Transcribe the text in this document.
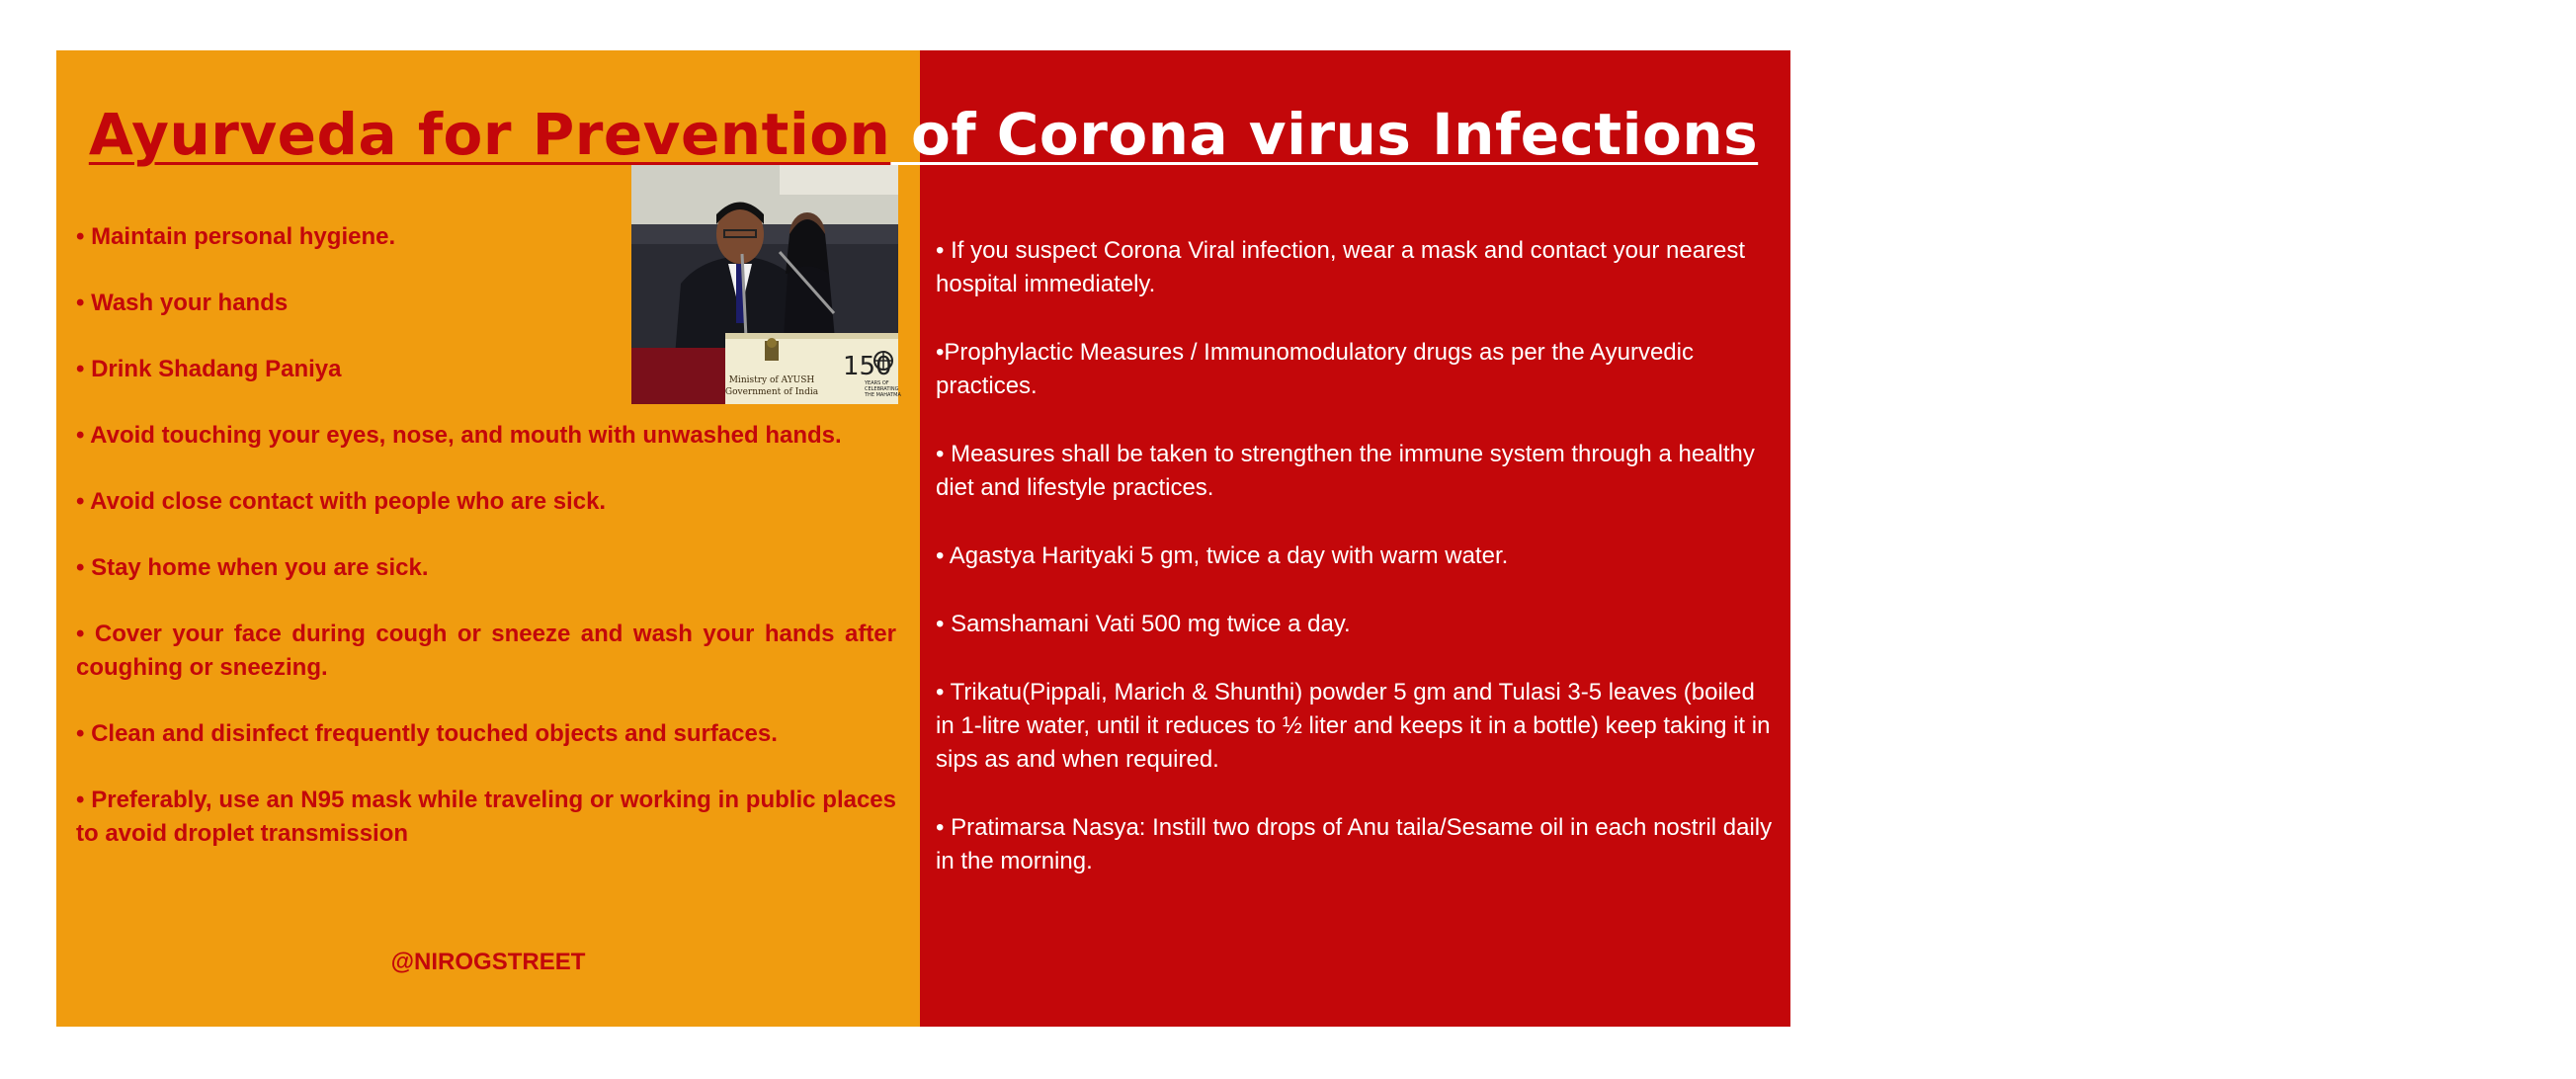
Ministry of AYUSH
Government of India
150
YEARS OF
CELEBRATING
THE MAHATMA
• Maintain personal hygiene.
• Wash your hands
• Drink Shadang Paniya
• Avoid touching your eyes, nose, and mouth with unwashed hands.
• Avoid close contact with people who are sick.
• Stay home when you are sick.
• Cover your face during cough or sneeze and wash your hands after coughing or sneezing.
• Clean and disinfect frequently touched objects and surfaces.
• Preferably, use an N95 mask while traveling or working in public places to avoid droplet transmission
@NIROGSTREET	(AYUSH MINISTRY GUIDELINES)
• If you suspect Corona Viral infection, wear a mask and contact your nearest hospital immediately.
•Prophylactic Measures / Immunomodulatory drugs as per the Ayurvedic practices.
• Measures shall be taken to strengthen the immune system through a healthy diet and lifestyle practices.
• Agastya Harityaki 5 gm, twice a day with warm water.
• Samshamani Vati 500 mg twice a day.
• Trikatu(Pippali, Marich & Shunthi) powder 5 gm and Tulasi 3-5 leaves (boiled in 1-litre water, until it reduces to ½ liter and keeps it in a bottle) keep taking it in sips as and when required.
• Pratimarsa Nasya: Instill two drops of Anu taila/Sesame oil in each nostril daily in the morning.
Ayurveda for Prevention of Corona virus Infections
